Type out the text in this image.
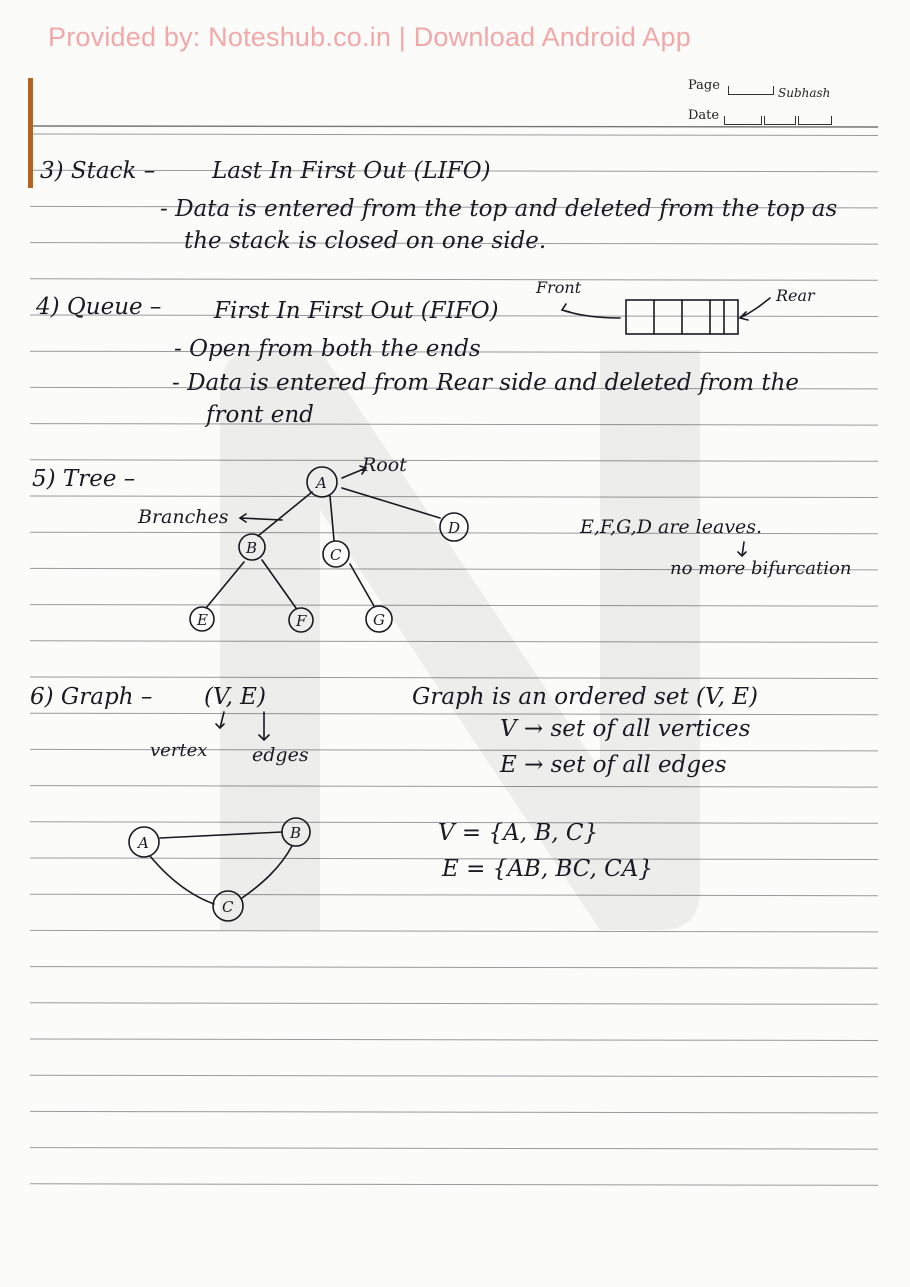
Provided by: Noteshub.co.in | Download Android App
Page	Subhash
Date
3) Stack – Last In First Out (LIFO)
- Data is entered from the top and deleted from the top as
the stack is closed on one side.
4) Queue – First In First Out (FIFO)
Front	Rear
- Open from both the ends
- Data is entered from Rear side and deleted from the
front end
5) Tree –
Root
Branches	E,F,G,D are leaves.
no more bifurcation
6) Graph – (V, E)
vertex edges
Graph is an ordered set (V, E)
V → set of all vertices
E → set of all edges
V = {A, B, C}
E = {AB, BC, CA}
A
B	C
D
E	F	G
A
B
C
